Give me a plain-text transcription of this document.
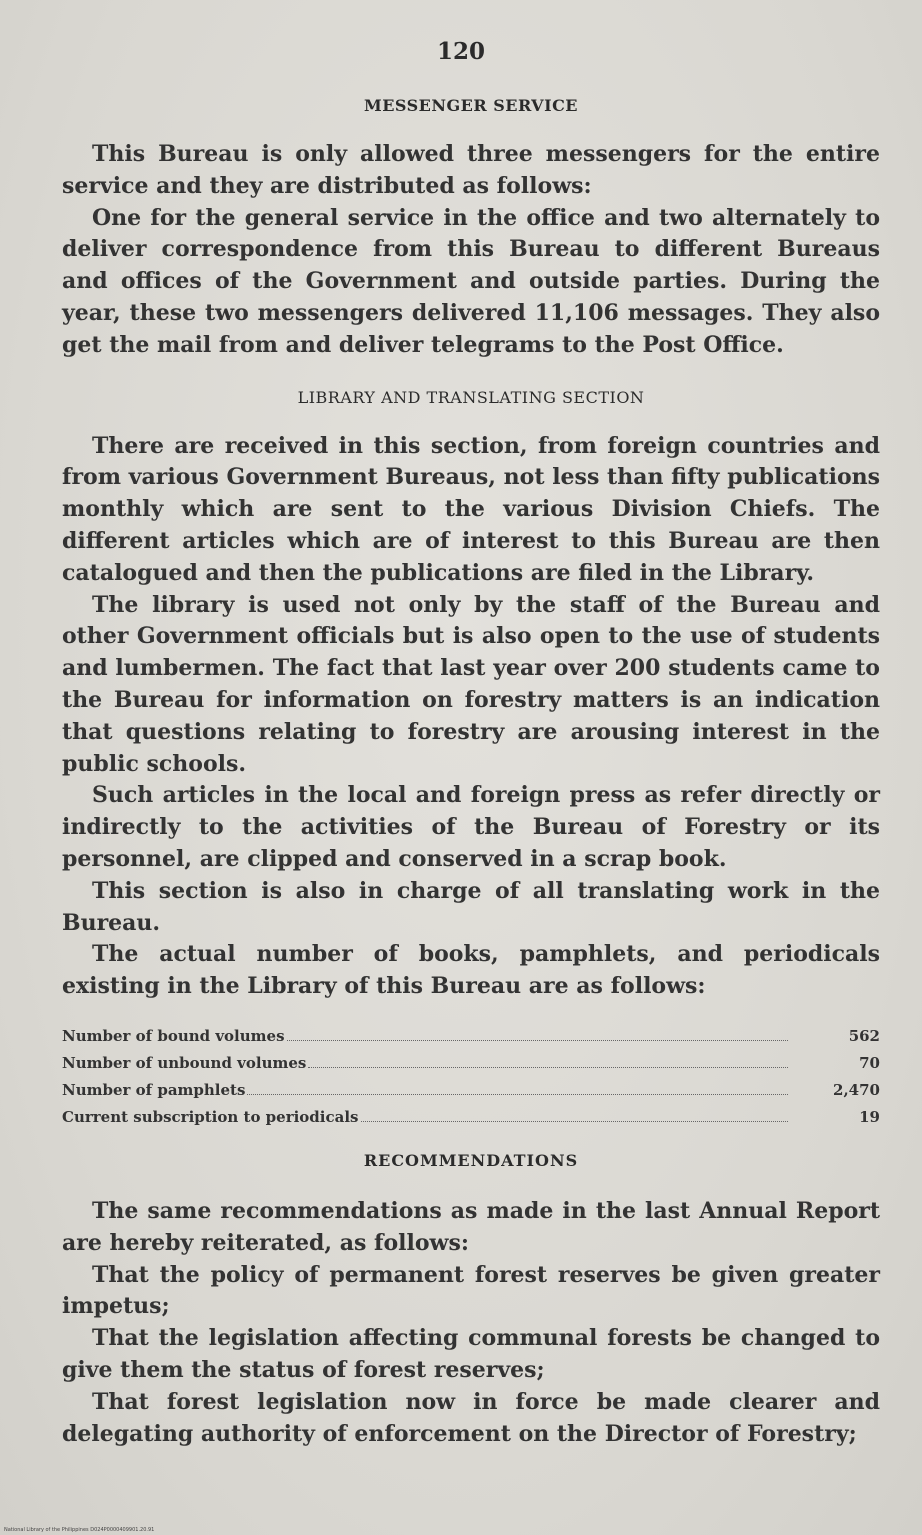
120
MESSENGER SERVICE

This Bureau is only allowed three messengers for the entire service and they are distributed as follows:

One for the general service in the office and two alternately to deliver correspondence from this Bureau to different Bureaus and offices of the Government and outside parties. During the year, these two messengers delivered 11,106 messages. They also get the mail from and deliver telegrams to the Post Office.

LIBRARY AND TRANSLATING SECTION

There are received in this section, from foreign countries and from various Government Bureaus, not less than fifty publications monthly which are sent to the various Division Chiefs. The different articles which are of interest to this Bureau are then catalogued and then the publications are filed in the Library.

The library is used not only by the staff of the Bureau and other Government officials but is also open to the use of students and lumbermen. The fact that last year over 200 students came to the Bureau for information on forestry matters is an indication that questions relating to forestry are arousing interest in the public schools.

Such articles in the local and foreign press as refer directly or indirectly to the activities of the Bureau of Forestry or its personnel, are clipped and conserved in a scrap book.

This section is also in charge of all translating work in the Bureau.

The actual number of books, pamphlets, and periodicals existing in the Library of this Bureau are as follows:

Number of bound volumes	562
Number of unbound volumes	70
Number of pamphlets	2,470
Current subscription to periodicals	19
RECOMMENDATIONS

The same recommendations as made in the last Annual Report are hereby reiterated, as follows:

That the policy of permanent forest reserves be given greater impetus;

That the legislation affecting communal forests be changed to give them the status of forest reserves;

That forest legislation now in force be made clearer and delegating authority of enforcement on the Director of Forestry;

National Library of the Philippines D024P0000409901.20.91
